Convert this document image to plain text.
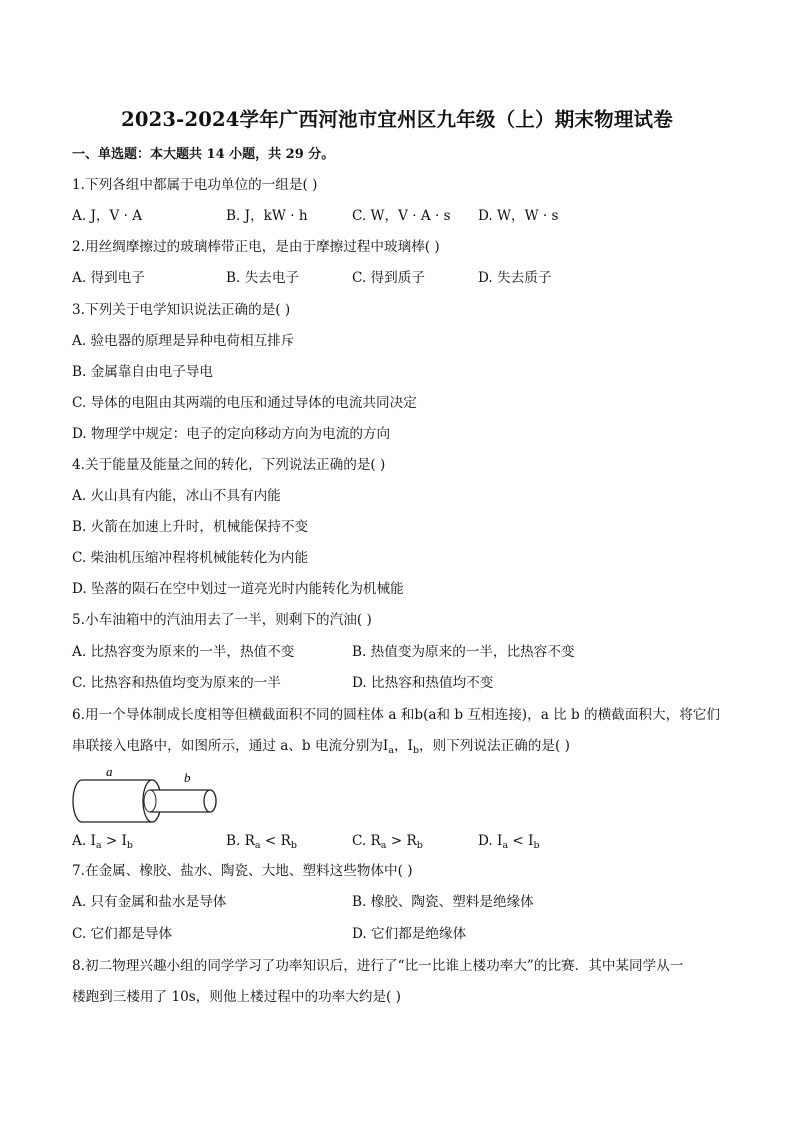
2023-2024学年广西河池市宜州区九年级（上）期末物理试卷
一、单选题：本大题共 14 小题，共 29 分。
1.下列各组中都属于电功单位的一组是( )
A. J，V · A	B. J，kW · h	C. W，V · A · s D. W，W · s
2.用丝绸摩擦过的玻璃棒带正电，是由于摩擦过程中玻璃棒( )
A. 得到电子	B. 失去电子	C. 得到质子	D. 失去质子
3.下列关于电学知识说法正确的是( )
A. 验电器的原理是异种电荷相互排斥
B. 金属靠自由电子导电
C. 导体的电阻由其两端的电压和通过导体的电流共同决定
D. 物理学中规定：电子的定向移动方向为电流的方向
4.关于能量及能量之间的转化，下列说法正确的是( )
A. 火山具有内能，冰山不具有内能
B. 火箭在加速上升时，机械能保持不变
C. 柴油机压缩冲程将机械能转化为内能
D. 坠落的陨石在空中划过一道亮光时内能转化为机械能
5.小车油箱中的汽油用去了一半，则剩下的汽油( )
A. 比热容变为原来的一半，热值不变	B. 热值变为原来的一半，比热容不变
C. 比热容和热值均变为原来的一半	D. 比热容和热值均不变
6.用一个导体制成长度相等但横截面积不同的圆柱体 a 和b(a和 b 互相连接)，a 比 b 的横截面积大，将它们
串联接入电路中，如图所示，通过 a、b 电流分别为$I_a$，$I_b$，则下列说法正确的是( )
a	b
A. $I_a > I_b$	B. $R_a < R_b$	C. $R_a > R_b$	D. $I_a < I_b$
7.在金属、橡胶、盐水、陶瓷、大地、塑料这些物体中( )
A. 只有金属和盐水是导体	B. 橡胶、陶瓷、塑料是绝缘体
C. 它们都是导体	D. 它们都是绝缘体
8.初二物理兴趣小组的同学学习了功率知识后，进行了“比一比谁上楼功率大”的比赛．其中某同学从一
楼跑到三楼用了 10s，则他上楼过程中的功率大约是( )
